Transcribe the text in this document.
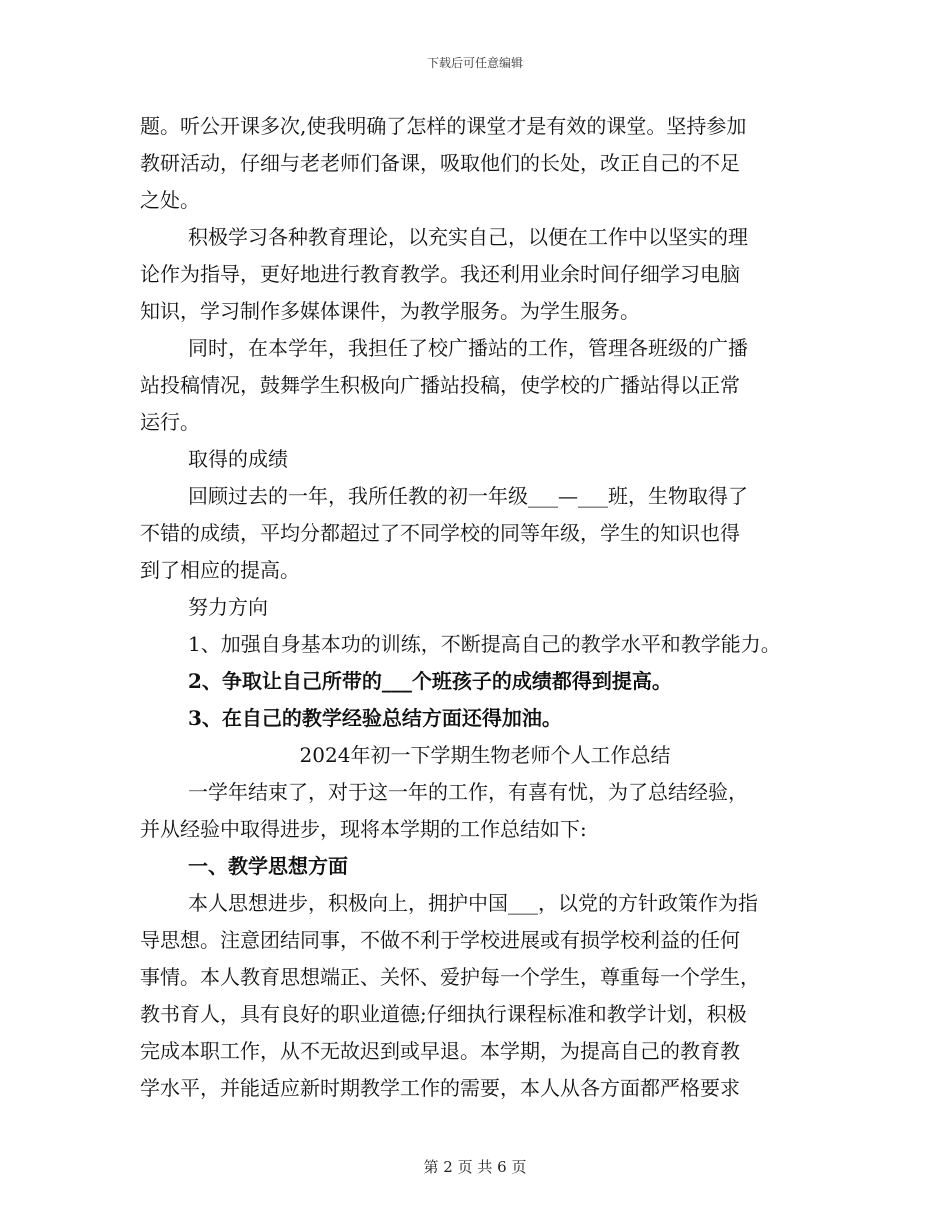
下载后可任意编辑
题。听公开课多次,使我明确了怎样的课堂才是有效的课堂。坚持参加
教研活动，仔细与老老师们备课，吸取他们的长处，改正自己的不足
之处。
积极学习各种教育理论，以充实自己，以便在工作中以坚实的理
论作为指导，更好地进行教育教学。我还利用业余时间仔细学习电脑
知识，学习制作多媒体课件，为教学服务。为学生服务。
同时，在本学年，我担任了校广播站的工作，管理各班级的广播
站投稿情况，鼓舞学生积极向广播站投稿，使学校的广播站得以正常
运行。
取得的成绩
回顾过去的一年，我所任教的初一年级___—___班，生物取得了
不错的成绩，平均分都超过了不同学校的同等年级，学生的知识也得
到了相应的提高。
努力方向
1、加强自身基本功的训练，不断提高自己的教学水平和教学能力。
2、争取让自己所带的___个班孩子的成绩都得到提高。
3、在自己的教学经验总结方面还得加油。
2024年初一下学期生物老师个人工作总结
一学年结束了，对于这一年的工作，有喜有忧，为了总结经验，
并从经验中取得进步，现将本学期的工作总结如下:
一、教学思想方面
本人思想进步，积极向上，拥护中国___，以党的方针政策作为指
导思想。注意团结同事，不做不利于学校进展或有损学校利益的任何
事情。本人教育思想端正、关怀、爱护每一个学生，尊重每一个学生，
教书育人，具有良好的职业道德;仔细执行课程标准和教学计划，积极
完成本职工作，从不无故迟到或早退。本学期，为提高自己的教育教
学水平，并能适应新时期教学工作的需要，本人从各方面都严格要求
第 2 页 共 6 页
